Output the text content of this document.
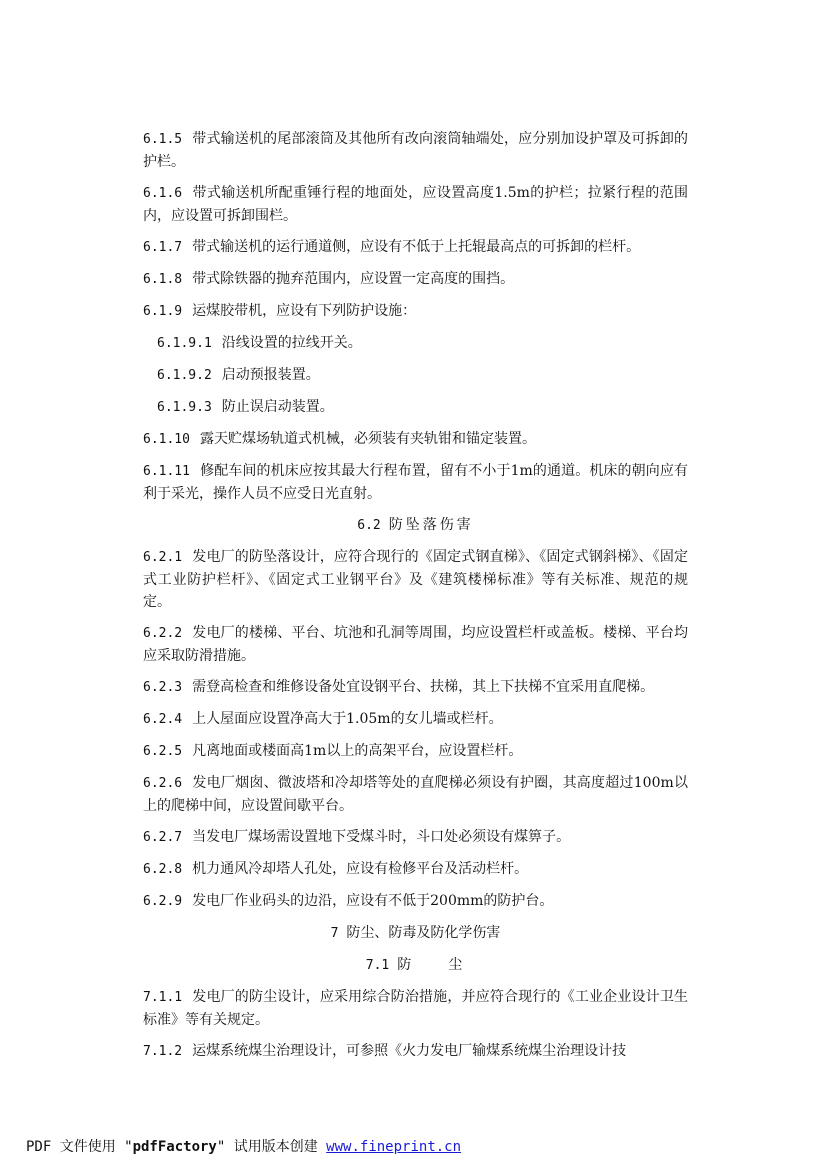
6.1.5 带式输送机的尾部滚筒及其他所有改向滚筒轴端处，应分别加设护罩及可拆卸的护栏。

6.1.6 带式输送机所配重锤行程的地面处，应设置高度1.5m的护栏；拉紧行程的范围内，应设置可拆卸围栏。

6.1.7 带式输送机的运行通道侧，应设有不低于上托辊最高点的可拆卸的栏杆。

6.1.8 带式除铁器的抛弃范围内，应设置一定高度的围挡。

6.1.9 运煤胶带机，应设有下列防护设施：

6.1.9.1 沿线设置的拉线开关。

6.1.9.2 启动预报装置。

6.1.9.3 防止误启动装置。

6.1.10 露天贮煤场轨道式机械，必须装有夹轨钳和锚定装置。

6.1.11 修配车间的机床应按其最大行程布置，留有不小于1m的通道。机床的朝向应有利于采光，操作人员不应受日光直射。

6.2 防坠落伤害

6.2.1 发电厂的防坠落设计，应符合现行的《固定式钢直梯》、《固定式钢斜梯》、《固定式工业防护栏杆》、《固定式工业钢平台》及《建筑楼梯标准》等有关标准、规范的规定。

6.2.2 发电厂的楼梯、平台、坑池和孔洞等周围，均应设置栏杆或盖板。楼梯、平台均应采取防滑措施。

6.2.3 需登高检查和维修设备处宜设钢平台、扶梯，其上下扶梯不宜采用直爬梯。

6.2.4 上人屋面应设置净高大于1.05m的女儿墙或栏杆。

6.2.5 凡离地面或楼面高1m以上的高架平台，应设置栏杆。

6.2.6 发电厂烟囱、微波塔和冷却塔等处的直爬梯必须设有护圈，其高度超过100m以上的爬梯中间，应设置间歇平台。

6.2.7 当发电厂煤场需设置地下受煤斗时，斗口处必须设有煤箅子。

6.2.8 机力通风冷却塔人孔处，应设有检修平台及活动栏杆。

6.2.9 发电厂作业码头的边沿，应设有不低于200mm的防护台。

7 防尘、防毒及防化学伤害
7.1 防　　尘

7.1.1 发电厂的防尘设计，应采用综合防治措施，并应符合现行的《工业企业设计卫生标准》等有关规定。

7.1.2 运煤系统煤尘治理设计，可参照《火力发电厂输煤系统煤尘治理设计技

PDF 文件使用 "pdfFactory" 试用版本创建 www.fineprint.cn
